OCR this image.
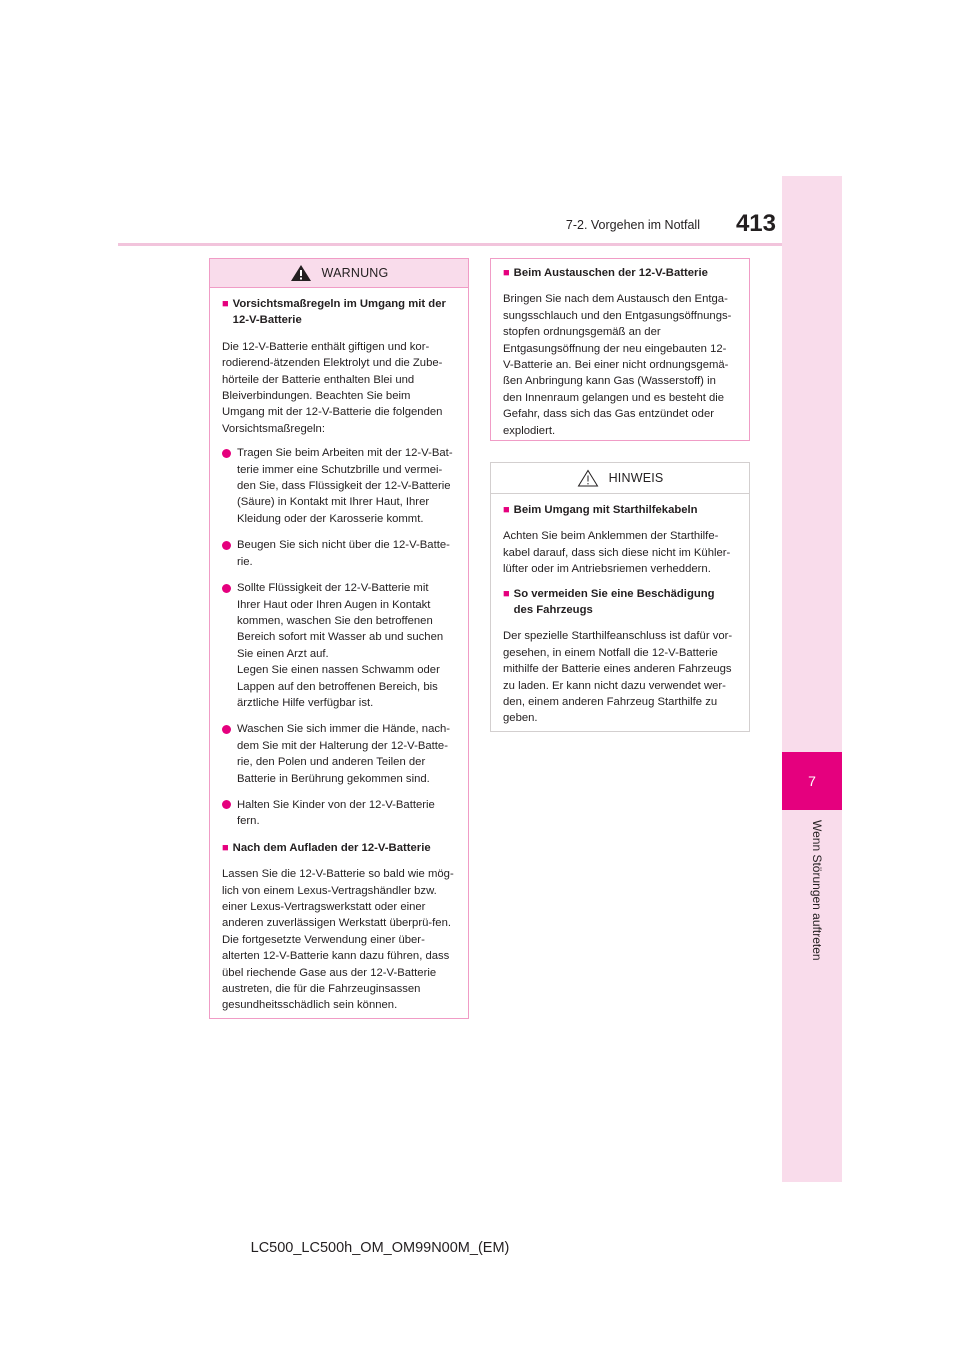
7-2. Vorgehen im Notfall	413
7
Wenn Störungen auftreten
WARNUNG
■ Vorsichtsmaßregeln im Umgang mit der 12-V-Batterie
Die 12-V-Batterie enthält giftigen und kor-rodierend-ätzenden Elektrolyt und die Zube-hörteile der Batterie enthalten Blei und Bleiverbindungen. Beachten Sie beim Umgang mit der 12-V-Batterie die folgenden Vorsichtsmaßregeln:
Tragen Sie beim Arbeiten mit der 12-V-Bat-terie immer eine Schutzbrille und vermei-den Sie, dass Flüssigkeit der 12-V-Batterie (Säure) in Kontakt mit Ihrer Haut, Ihrer Kleidung oder der Karosserie kommt.
Beugen Sie sich nicht über die 12-V-Batte-rie.
Sollte Flüssigkeit der 12-V-Batterie mit Ihrer Haut oder Ihren Augen in Kontakt kommen, waschen Sie den betroffenen Bereich sofort mit Wasser ab und suchen Sie einen Arzt auf.
Legen Sie einen nassen Schwamm oder Lappen auf den betroffenen Bereich, bis ärztliche Hilfe verfügbar ist.
Waschen Sie sich immer die Hände, nach-dem Sie mit der Halterung der 12-V-Batte-rie, den Polen und anderen Teilen der Batterie in Berührung gekommen sind.
Halten Sie Kinder von der 12-V-Batterie fern.
■ Nach dem Aufladen der 12-V-Batterie
Lassen Sie die 12-V-Batterie so bald wie mög-lich von einem Lexus-Vertragshändler bzw. einer Lexus-Vertragswerkstatt oder einer anderen zuverlässigen Werkstatt überprü-fen. Die fortgesetzte Verwendung einer über-alterten 12-V-Batterie kann dazu führen, dass übel riechende Gase aus der 12-V-Batterie austreten, die für die Fahrzeuginsassen gesundheitsschädlich sein können.
■ Beim Austauschen der 12-V-Batterie
Bringen Sie nach dem Austausch den Entga-sungsschlauch und den Entgasungsöffnungs-stopfen ordnungsgemäß an der Entgasungsöffnung der neu eingebauten 12-V-Batterie an. Bei einer nicht ordnungsgemä-ßen Anbringung kann Gas (Wasserstoff) in den Innenraum gelangen und es besteht die Gefahr, dass sich das Gas entzündet oder explodiert.
HINWEIS
■ Beim Umgang mit Starthilfekabeln
Achten Sie beim Anklemmen der Starthilfe-kabel darauf, dass sich diese nicht im Kühler-lüfter oder im Antriebsriemen verheddern.
■ So vermeiden Sie eine Beschädigung des Fahrzeugs
Der spezielle Starthilfeanschluss ist dafür vor-gesehen, in einem Notfall die 12-V-Batterie mithilfe der Batterie eines anderen Fahrzeugs zu laden. Er kann nicht dazu verwendet wer-den, einem anderen Fahrzeug Starthilfe zu geben.
LC500_LC500h_OM_OM99N00M_(EM)
